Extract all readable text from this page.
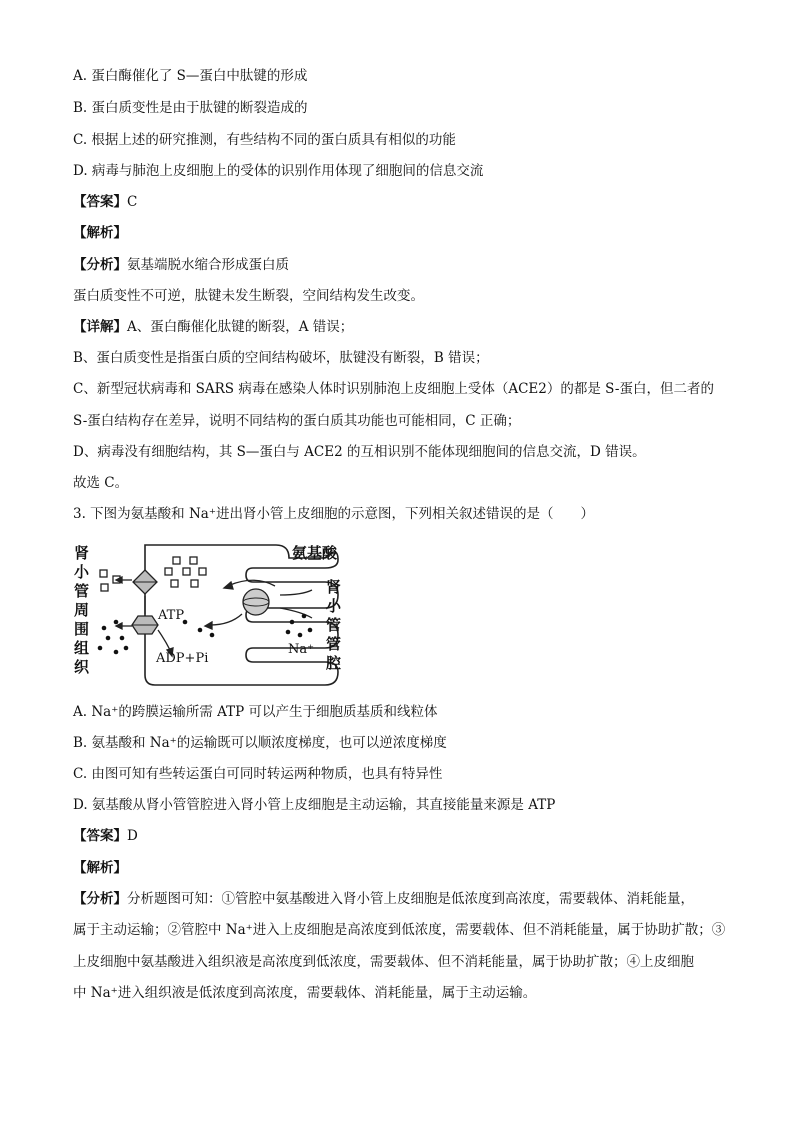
A. 蛋白酶催化了 S—蛋白中肽键的形成
B. 蛋白质变性是由于肽键的断裂造成的
C. 根据上述的研究推测，有些结构不同的蛋白质具有相似的功能
D. 病毒与肺泡上皮细胞上的受体的识别作用体现了细胞间的信息交流
【答案】C
【解析】
【分析】氨基端脱水缩合形成蛋白质
蛋白质变性不可逆，肽键未发生断裂，空间结构发生改变。
【详解】A、蛋白酶催化肽键的断裂，A 错误；
B、蛋白质变性是指蛋白质的空间结构破坏，肽键没有断裂，B 错误；
C、新型冠状病毒和 SARS 病毒在感染人体时识别肺泡上皮细胞上受体（ACE2）的都是 S-蛋白，但二者的
S-蛋白结构存在差异，说明不同结构的蛋白质其功能也可能相同，C 正确；
D、病毒没有细胞结构，其 S—蛋白与 ACE2 的互相识别不能体现细胞间的信息交流，D 错误。
故选 C。
3. 下图为氨基酸和 Na⁺进出肾小管上皮细胞的示意图，下列相关叙述错误的是（　　）
肾
小
管
周
围
组
织
ATP
ADP+Pi
Na⁺
氨基酸
肾
小
管
管
腔
A. Na⁺的跨膜运输所需 ATP 可以产生于细胞质基质和线粒体
B. 氨基酸和 Na⁺的运输既可以顺浓度梯度，也可以逆浓度梯度
C. 由图可知有些转运蛋白可同时转运两种物质，也具有特异性
D. 氨基酸从肾小管管腔进入肾小管上皮细胞是主动运输，其直接能量来源是 ATP
【答案】D
【解析】
【分析】分析题图可知：①管腔中氨基酸进入肾小管上皮细胞是低浓度到高浓度，需要载体、消耗能量，
属于主动运输；②管腔中 Na⁺进入上皮细胞是高浓度到低浓度，需要载体、但不消耗能量，属于协助扩散；③
上皮细胞中氨基酸进入组织液是高浓度到低浓度，需要载体、但不消耗能量，属于协助扩散；④上皮细胞
中 Na⁺进入组织液是低浓度到高浓度，需要载体、消耗能量，属于主动运输。
